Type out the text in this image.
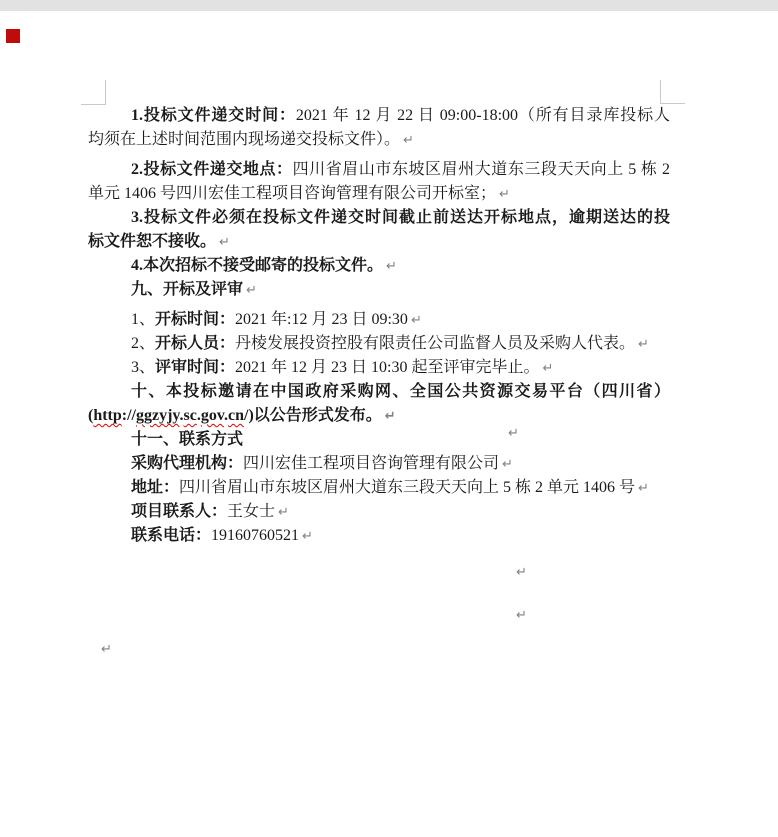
1.投标文件递交时间：2021 年 12 月 22 日 09:00-18:00（所有目录库投标人
均须在上述时间范围内现场递交投标文件）。 ↵
2.投标文件递交地点：四川省眉山市东坡区眉州大道东三段天天向上 5 栋 2
单元 1406 号四川宏佳工程项目咨询管理有限公司开标室； ↵
3.投标文件必须在投标文件递交时间截止前送达开标地点，逾期送达的投
标文件恕不接收。 ↵
4.本次招标不接受邮寄的投标文件。 ↵
九、开标及评审 ↵
1、开标时间：2021 年:12 月 23 日 09:30 ↵
2、开标人员：丹棱发展投资控股有限责任公司监督人员及采购人代表。 ↵
3、评审时间：2021 年 12 月 23 日 10:30 起至评审完毕止。 ↵
十、本投标邀请在中国政府采购网、全国公共资源交易平台（四川省）
(http://ggzyjy.sc.gov.cn/)以公告形式发布。 ↵
十一、联系方式
采购代理机构：四川宏佳工程项目咨询管理有限公司 ↵
地址：四川省眉山市东坡区眉州大道东三段天天向上 5 栋 2 单元 1406 号 ↵
项目联系人：王女士 ↵
联系电话：19160760521 ↵
↵
↵
↵
↵
